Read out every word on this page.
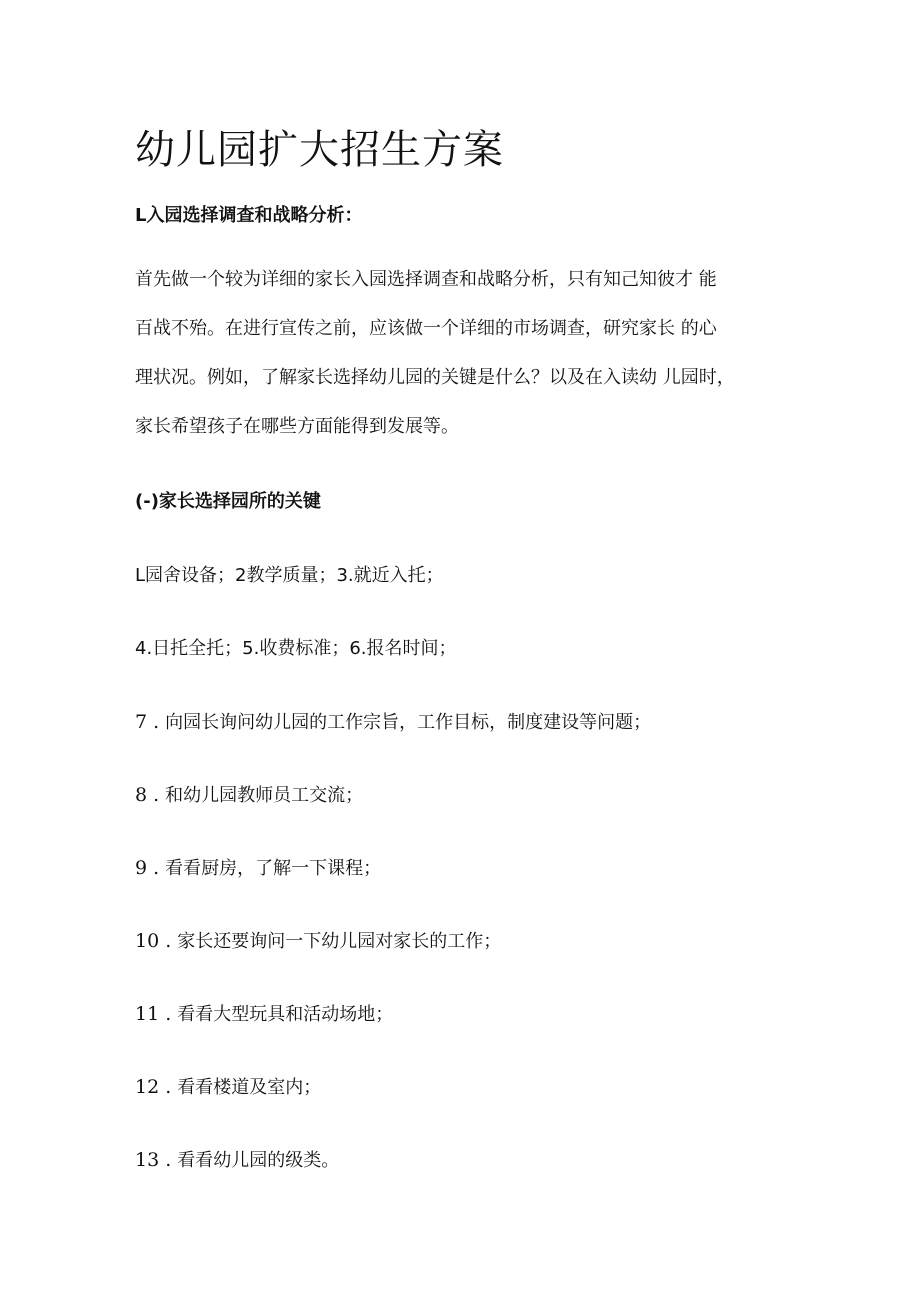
幼儿园扩大招生方案
L入园选择调查和战略分析：

首先做一个较为详细的家长入园选择调查和战略分析，只有知己知彼才 能

百战不殆。在进行宣传之前，应该做一个详细的市场调查，研究家长 的心

理状况。例如，了解家长选择幼儿园的关键是什么？以及在入读幼 儿园时，

家长希望孩子在哪些方面能得到发展等。

(-)家长选择园所的关键

L园舍设备；2教学质量；3.就近入托；

4.日托全托；5.收费标准；6.报名时间；

7 . 向园长询问幼儿园的工作宗旨，工作目标，制度建设等问题；

8 . 和幼儿园教师员工交流；

9 . 看看厨房，了解一下课程；

10 . 家长还要询问一下幼儿园对家长的工作；

11 . 看看大型玩具和活动场地；

12 . 看看楼道及室内；

13 . 看看幼儿园的级类。
